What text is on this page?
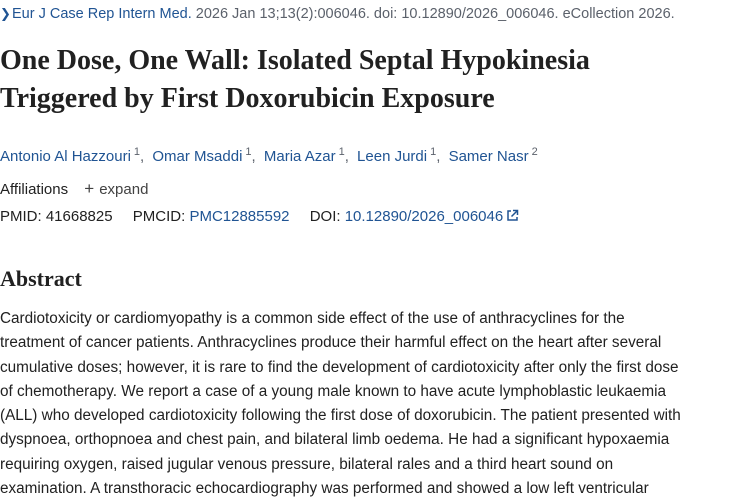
❯Eur J Case Rep Intern Med. 2026 Jan 13;13(2):006046. doi: 10.12890/2026_006046. eCollection 2026.
One Dose, One Wall: Isolated Septal Hypokinesia
Triggered by First Doxorubicin Exposure
Antonio Al Hazzouri $^1$, Omar Msaddi $^1$, Maria Azar $^1$, Leen Jurdi $^1$, Samer Nasr $^2$
Affiliations + expand
PMID: 41668825 PMCID: PMC12885592 DOI: 10.12890/2026_006046
Abstract
Cardiotoxicity or cardiomyopathy is a common side effect of the use of anthracyclines for the
treatment of cancer patients. Anthracyclines produce their harmful effect on the heart after several
cumulative doses; however, it is rare to find the development of cardiotoxicity after only the first dose
of chemotherapy. We report a case of a young male known to have acute lymphoblastic leukaemia
(ALL) who developed cardiotoxicity following the first dose of doxorubicin. The patient presented with
dyspnoea, orthopnoea and chest pain, and bilateral limb oedema. He had a significant hypoxaemia
requiring oxygen, raised jugular venous pressure, bilateral rales and a third heart sound on
examination. A transthoracic echocardiography was performed and showed a low left ventricular
